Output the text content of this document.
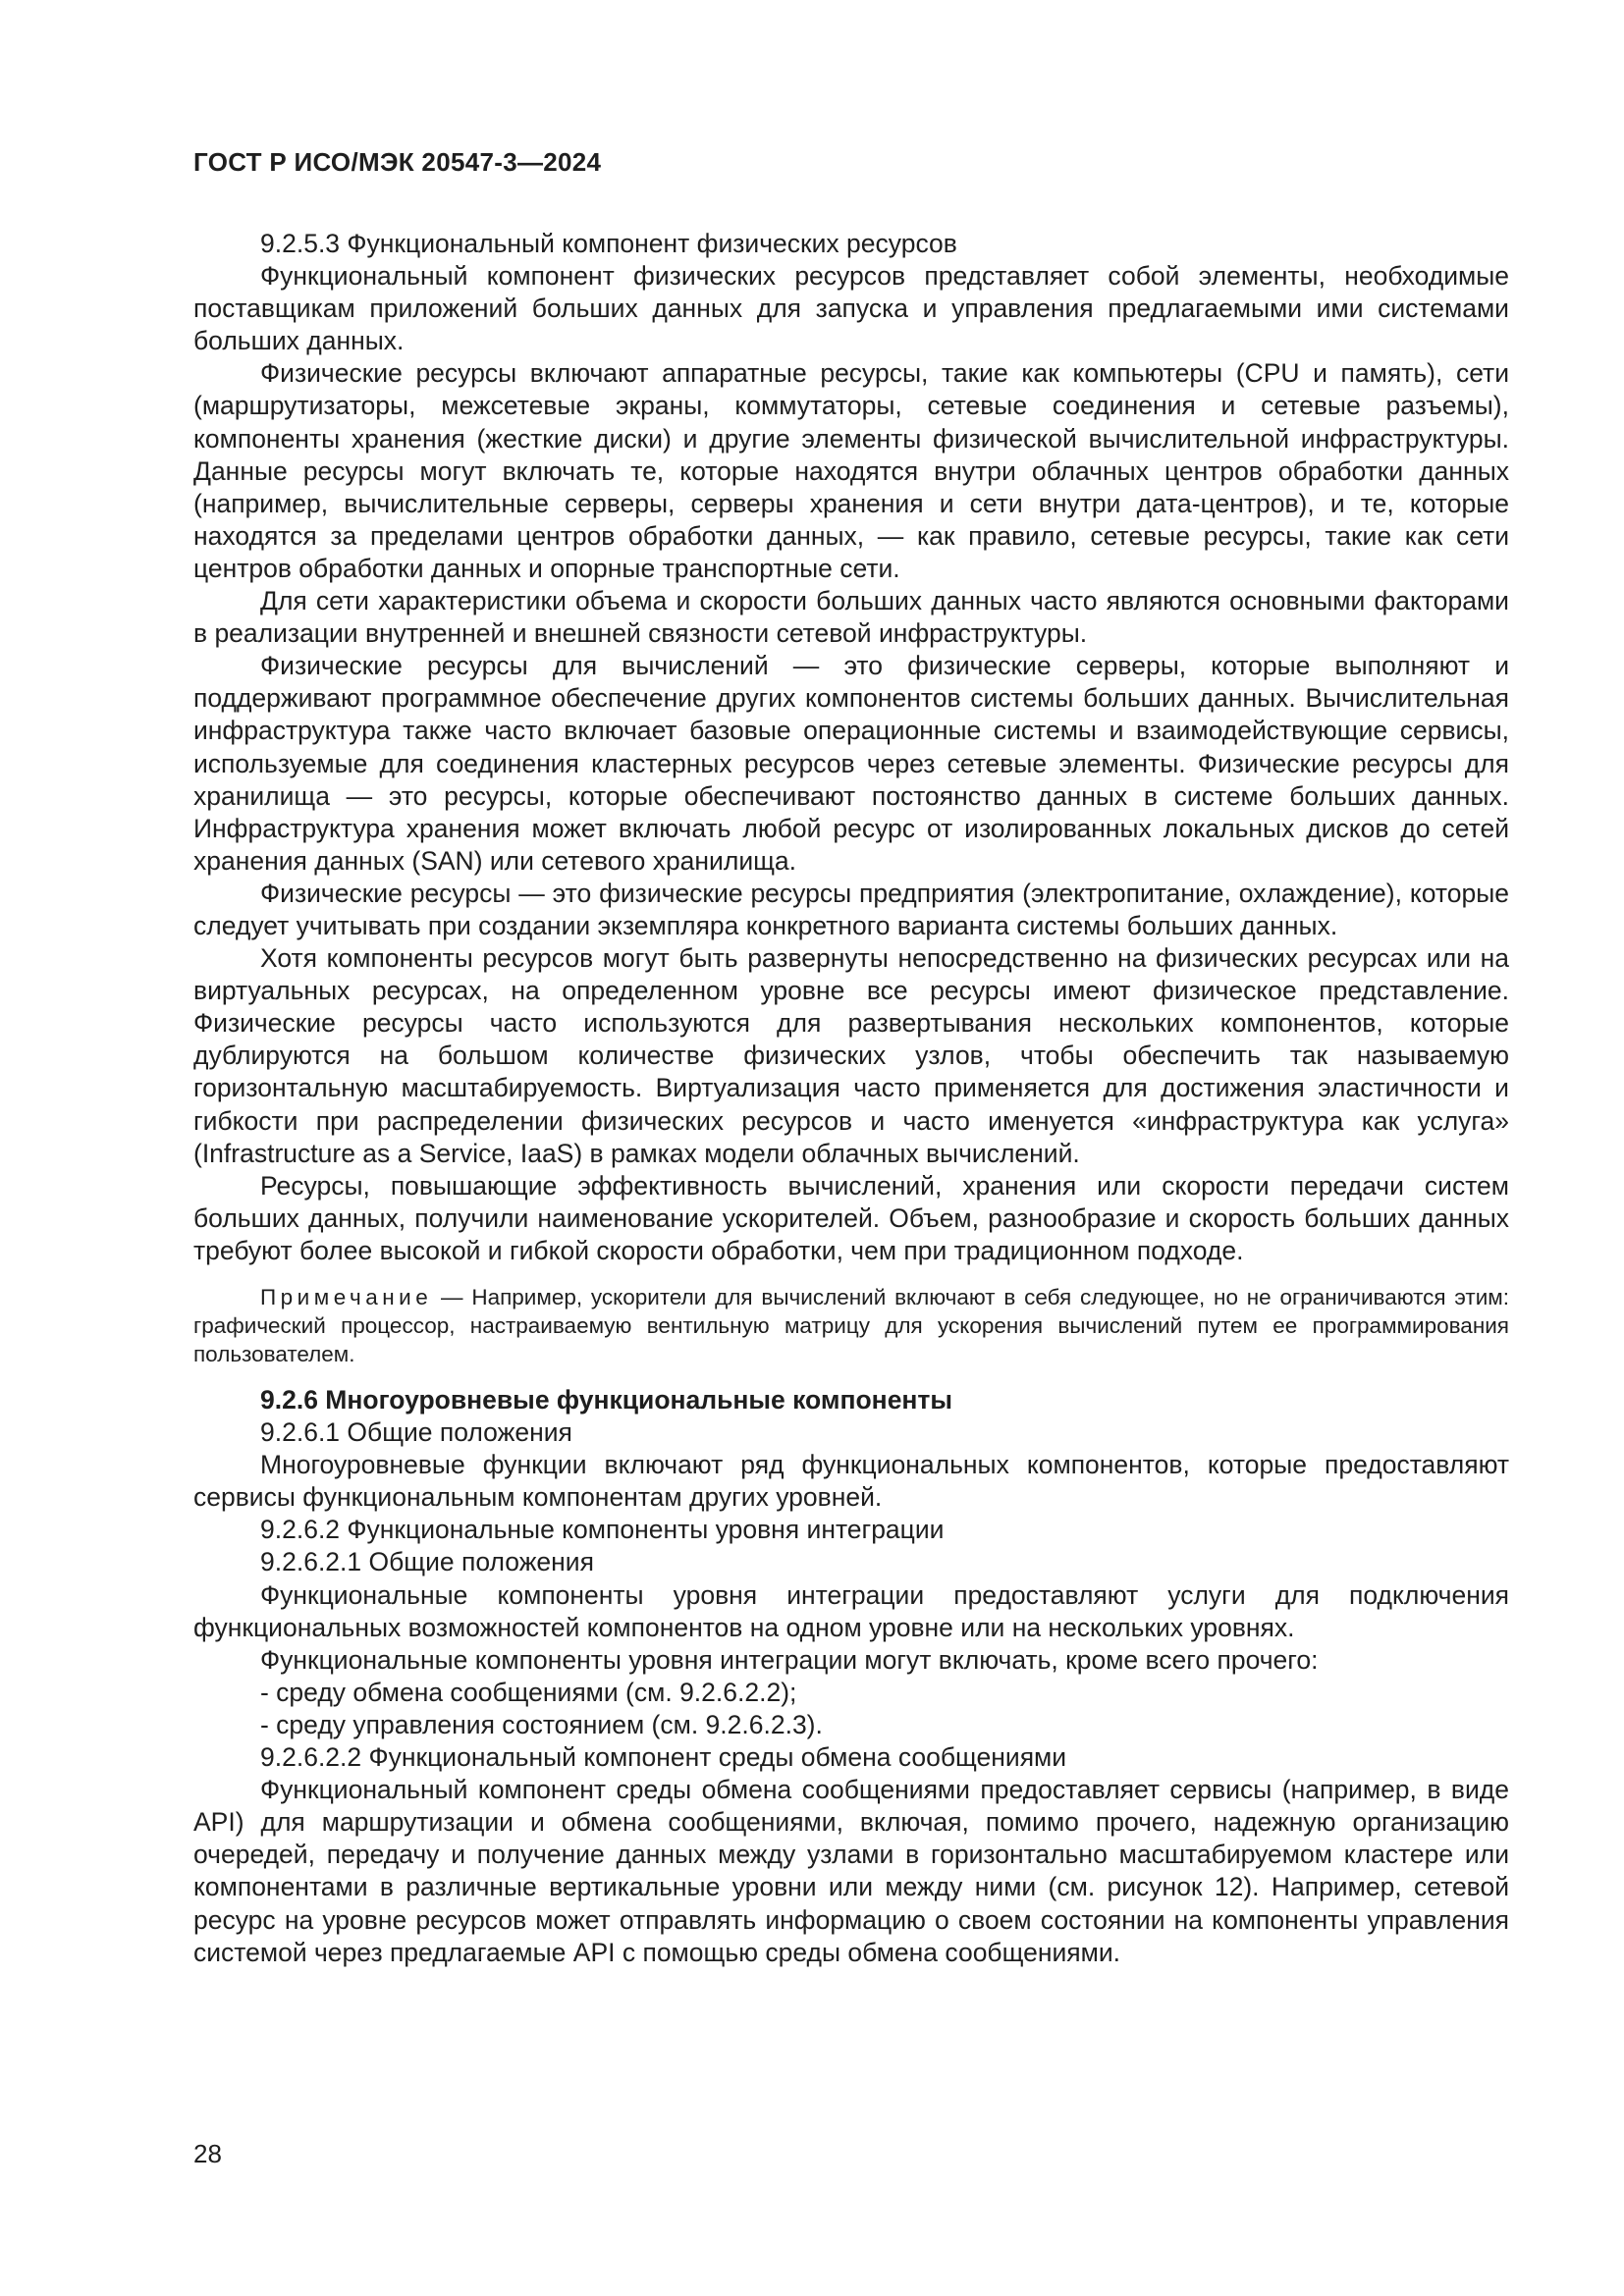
ГОСТ Р ИСО/МЭК 20547-3—2024

9.2.5.3 Функциональный компонент физических ресурсов

Функциональный компонент физических ресурсов представляет собой элементы, необходимые поставщикам приложений больших данных для запуска и управления предлагаемыми ими системами больших данных.

Физические ресурсы включают аппаратные ресурсы, такие как компьютеры (CPU и память), сети (маршрутизаторы, межсетевые экраны, коммутаторы, сетевые соединения и сетевые разъемы), компоненты хранения (жесткие диски) и другие элементы физической вычислительной инфраструктуры. Данные ресурсы могут включать те, которые находятся внутри облачных центров обработки данных (например, вычислительные серверы, серверы хранения и сети внутри дата-центров), и те, которые находятся за пределами центров обработки данных, — как правило, сетевые ресурсы, такие как сети центров обработки данных и опорные транспортные сети.

Для сети характеристики объема и скорости больших данных часто являются основными факторами в реализации внутренней и внешней связности сетевой инфраструктуры.

Физические ресурсы для вычислений — это физические серверы, которые выполняют и поддерживают программное обеспечение других компонентов системы больших данных. Вычислительная инфраструктура также часто включает базовые операционные системы и взаимодействующие сервисы, используемые для соединения кластерных ресурсов через сетевые элементы. Физические ресурсы для хранилища — это ресурсы, которые обеспечивают постоянство данных в системе больших данных. Инфраструктура хранения может включать любой ресурс от изолированных локальных дисков до сетей хранения данных (SAN) или сетевого хранилища.

Физические ресурсы — это физические ресурсы предприятия (электропитание, охлаждение), которые следует учитывать при создании экземпляра конкретного варианта системы больших данных.

Хотя компоненты ресурсов могут быть развернуты непосредственно на физических ресурсах или на виртуальных ресурсах, на определенном уровне все ресурсы имеют физическое представление. Физические ресурсы часто используются для развертывания нескольких компонентов, которые дублируются на большом количестве физических узлов, чтобы обеспечить так называемую горизонтальную масштабируемость. Виртуализация часто применяется для достижения эластичности и гибкости при распределении физических ресурсов и часто именуется «инфраструктура как услуга» (Infrastructure as a Service, IaaS) в рамках модели облачных вычислений.

Ресурсы, повышающие эффективность вычислений, хранения или скорости передачи систем больших данных, получили наименование ускорителей. Объем, разнообразие и скорость больших данных требуют более высокой и гибкой скорости обработки, чем при традиционном подходе.

Примечание — Например, ускорители для вычислений включают в себя следующее, но не ограничиваются этим: графический процессор, настраиваемую вентильную матрицу для ускорения вычислений путем ее программирования пользователем.

9.2.6 Многоуровневые функциональные компоненты

9.2.6.1 Общие положения

Многоуровневые функции включают ряд функциональных компонентов, которые предоставляют сервисы функциональным компонентам других уровней.

9.2.6.2 Функциональные компоненты уровня интеграции

9.2.6.2.1 Общие положения

Функциональные компоненты уровня интеграции предоставляют услуги для подключения функциональных возможностей компонентов на одном уровне или на нескольких уровнях.

Функциональные компоненты уровня интеграции могут включать, кроме всего прочего:

- среду обмена сообщениями (см. 9.2.6.2.2);

- среду управления состоянием (см. 9.2.6.2.3).

9.2.6.2.2 Функциональный компонент среды обмена сообщениями

Функциональный компонент среды обмена сообщениями предоставляет сервисы (например, в виде API) для маршрутизации и обмена сообщениями, включая, помимо прочего, надежную организацию очередей, передачу и получение данных между узлами в горизонтально масштабируемом кластере или компонентами в различные вертикальные уровни или между ними (см. рисунок 12). Например, сетевой ресурс на уровне ресурсов может отправлять информацию о своем состоянии на компоненты управления системой через предлагаемые API с помощью среды обмена сообщениями.

28
